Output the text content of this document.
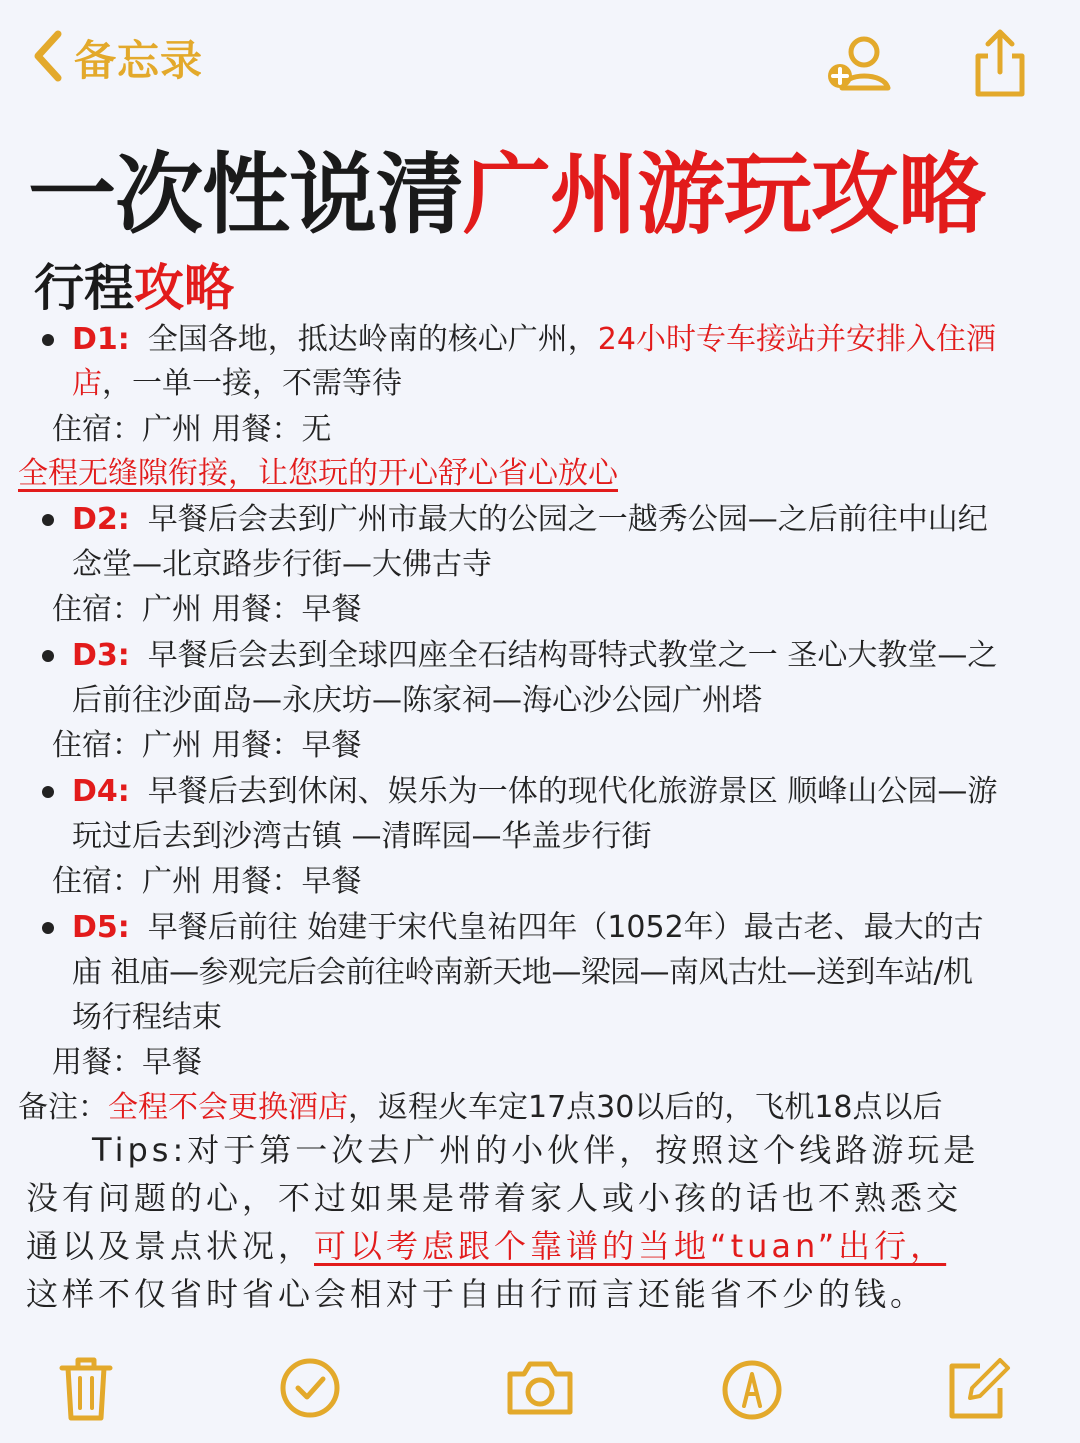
备忘录
一次性说清广州游玩攻略
行程攻略
D1: 全国各地，抵达岭南的核心广州，24小时专车接站并安排入住酒
店，一单一接，不需等待
住宿：广州 用餐：无
全程无缝隙衔接，让您玩的开心舒心省心放心
D2: 早餐后会去到广州市最大的公园之一越秀公园—之后前往中山纪
念堂—北京路步行街—大佛古寺
住宿：广州 用餐：早餐
D3: 早餐后会去到全球四座全石结构哥特式教堂之一 圣心大教堂—之
后前往沙面岛—永庆坊—陈家祠—海心沙公园广州塔
住宿：广州 用餐：早餐
D4: 早餐后去到休闲、娱乐为一体的现代化旅游景区 顺峰山公园—游
玩过后去到沙湾古镇 —清晖园—华盖步行街
住宿：广州 用餐：早餐
D5: 早餐后前往 始建于宋代皇祐四年（1052年）最古老、最大的古
庙 祖庙—参观完后会前往岭南新天地—梁园—南风古灶—送到车站/机
场行程结束
用餐：早餐
备注：全程不会更换酒店，返程火车定17点30以后的，飞机18点以后
Tips:对于第一次去广州的小伙伴，按照这个线路游玩是
没有问题的心，不过如果是带着家人或小孩的话也不熟悉交
通以及景点状况，可以考虑跟个靠谱的当地“tuan”出行，
这样不仅省时省心会相对于自由行而言还能省不少的钱。
